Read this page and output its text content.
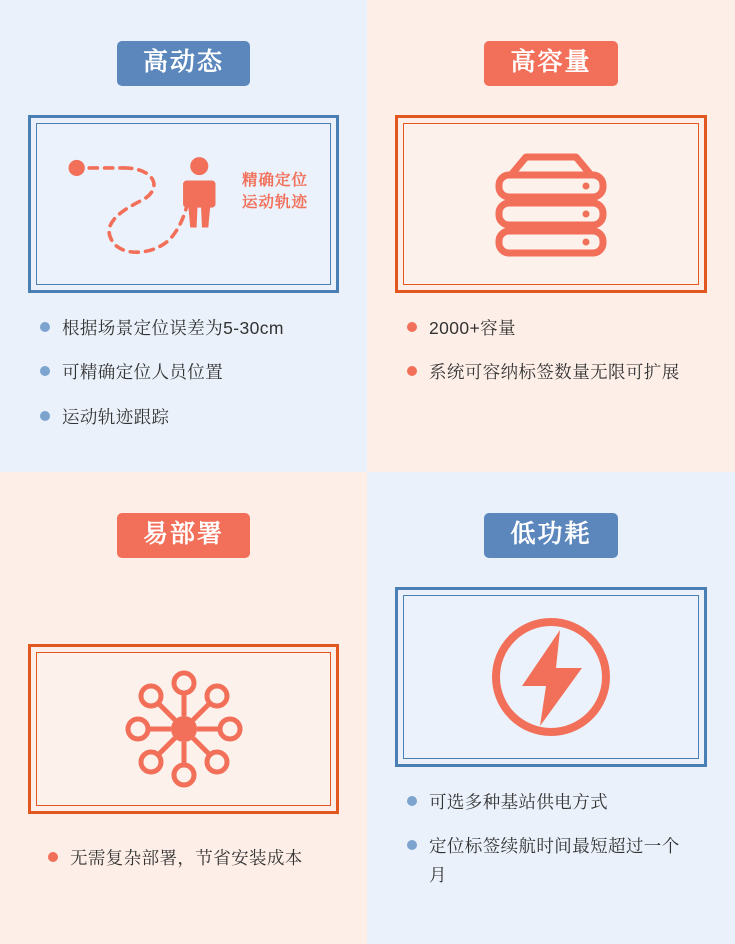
高动态
精确定位
运动轨迹
根据场景定位误差为5-30cm
可精确定位人员位置
运动轨迹跟踪
高容量
2000+容量
系统可容纳标签数量无限可扩展
易部署
无需复杂部署，节省安装成本
低功耗
可选多种基站供电方式
定位标签续航时间最短超过一个月
